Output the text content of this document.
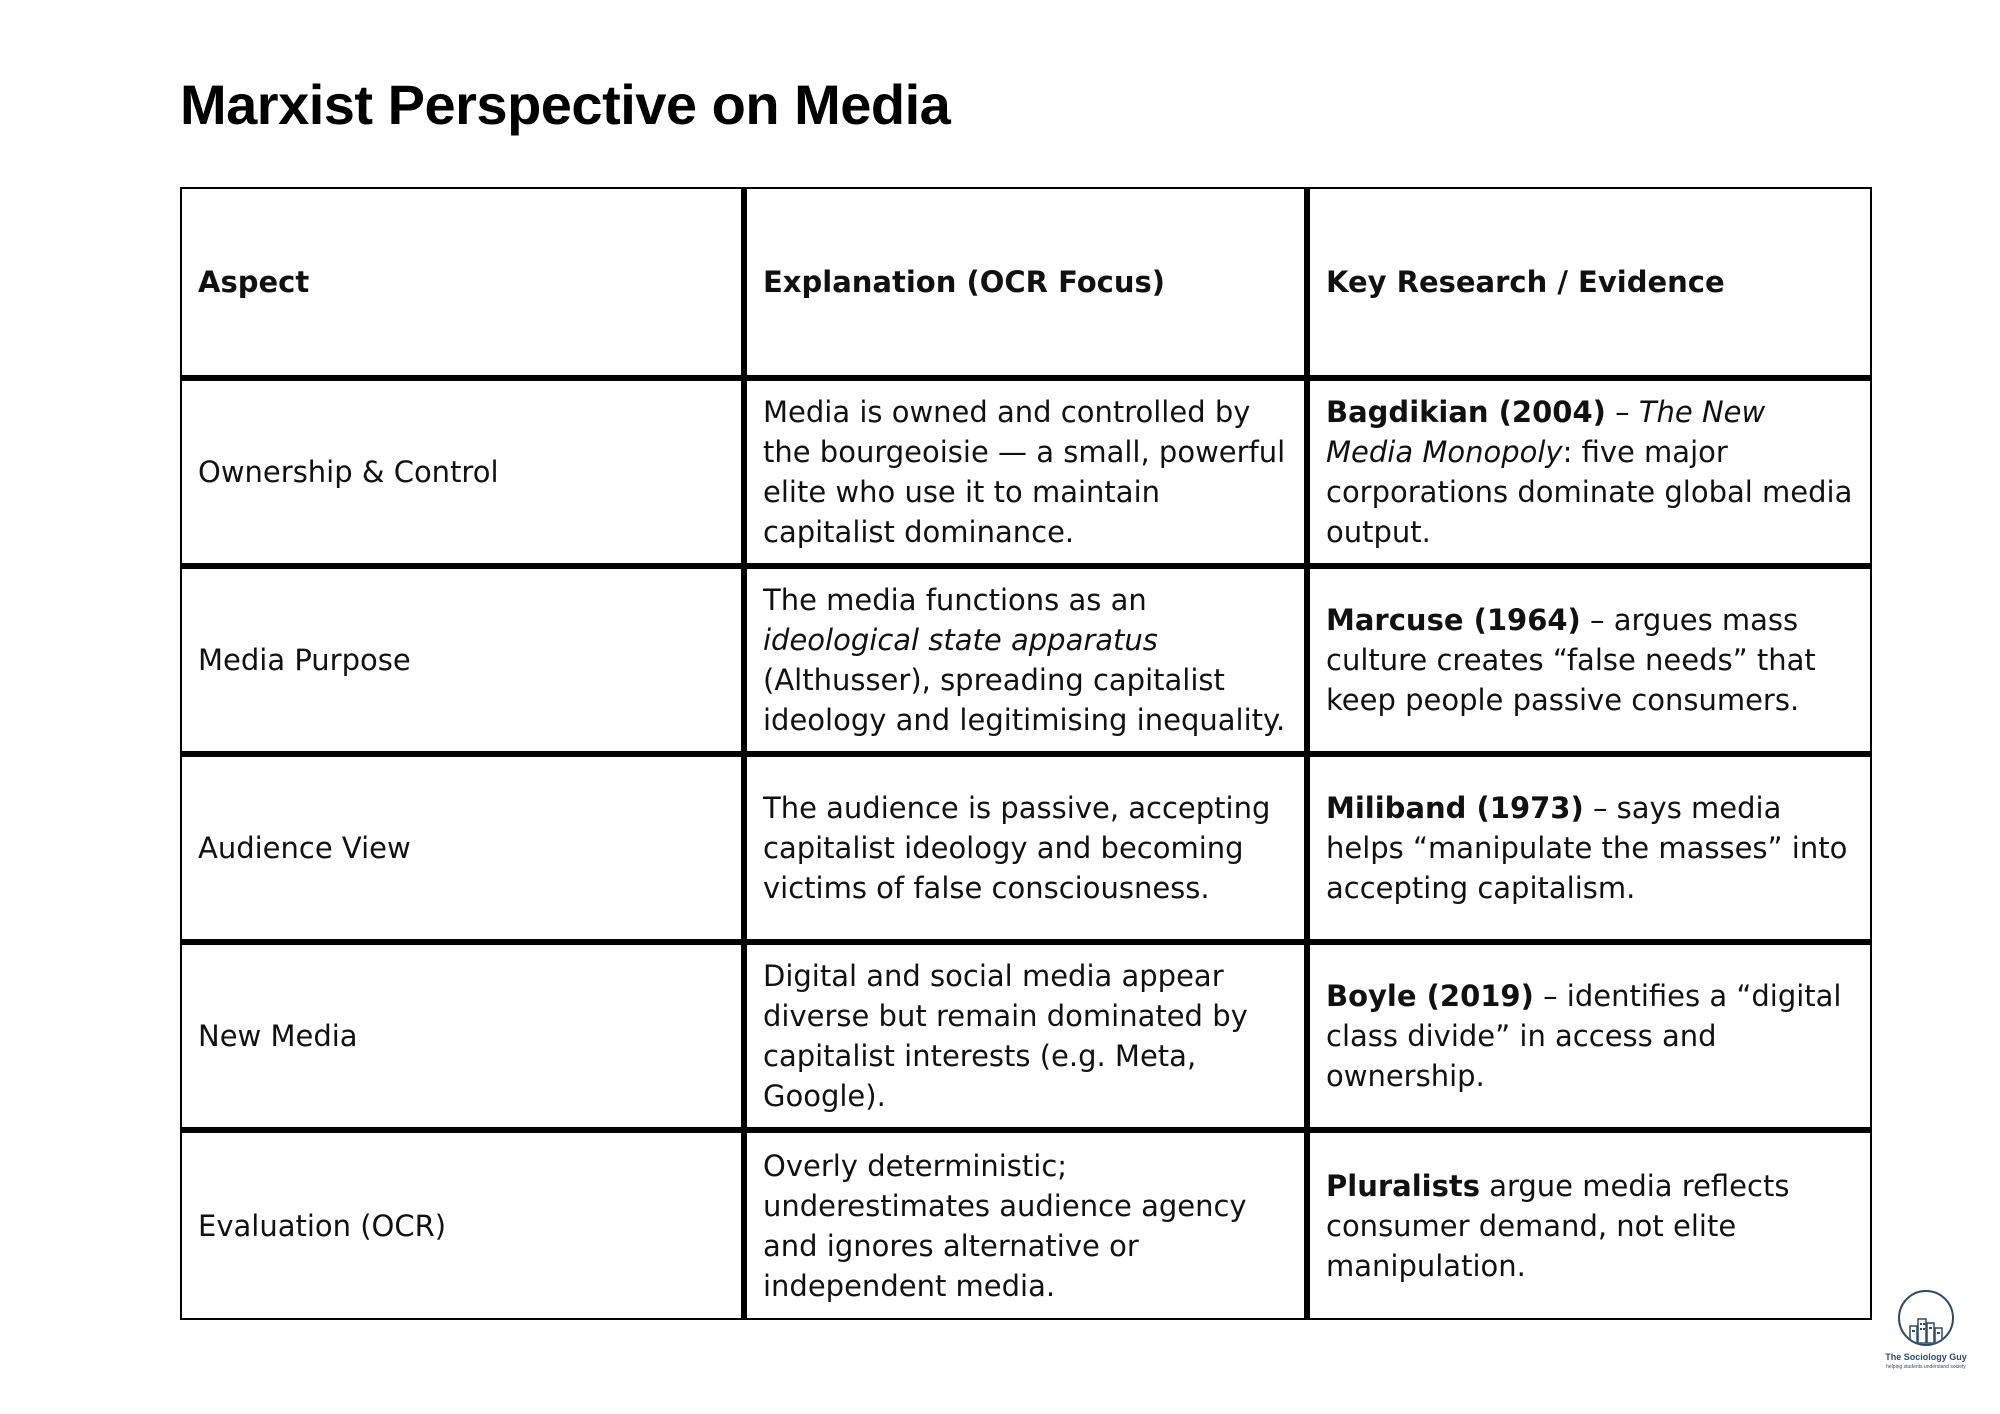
Marxist Perspective on Media
Aspect	Explanation (OCR Focus)	Key Research / Evidence
Ownership & Control	Media is owned and controlled by the bourgeoisie — a small, powerful elite who use it to maintain capitalist dominance.	Bagdikian (2004) – The New Media Monopoly: five major corporations dominate global media output.
Media Purpose	The media functions as an ideological state apparatus (Althusser), spreading capitalist ideology and legitimising inequality.	Marcuse (1964) – argues mass culture creates “false needs” that keep people passive consumers.
Audience View	The audience is passive, accepting capitalist ideology and becoming victims of false consciousness.	Miliband (1973) – says media helps “manipulate the masses” into accepting capitalism.
New Media	Digital and social media appear diverse but remain dominated by capitalist interests (e.g. Meta, Google).	Boyle (2019) – identifies a “digital class divide” in access and ownership.
Evaluation (OCR)	Overly deterministic; underestimates audience agency and ignores alternative or independent media.	Pluralists argue media reflects consumer demand, not elite manipulation.
The Sociology Guy
helping students understand society
